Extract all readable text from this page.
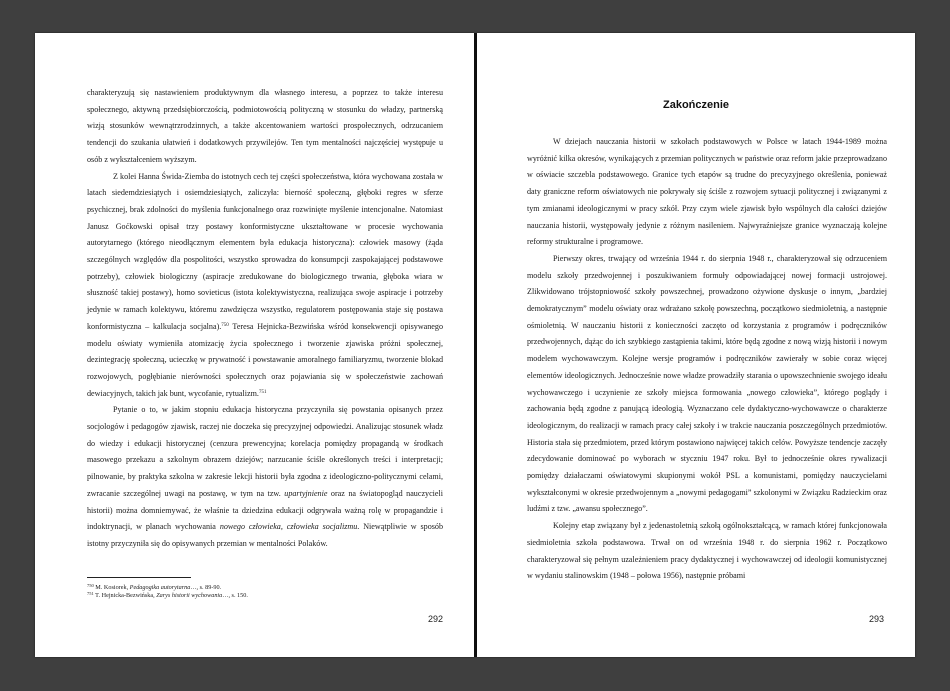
charakteryzują się nastawieniem produktywnym dla własnego interesu, a poprzez to także interesu społecznego, aktywną przedsiębiorczością, podmiotowością polityczną w stosunku do władzy, partnerską wizją stosunków wewnątrzrodzinnych, a także akcentowaniem wartości prospołecznych, odrzucaniem tendencji do szukania ułatwień i dodatkowych przywilejów. Ten tym mentalności najczęściej występuje u osób z wykształceniem wyższym.

Z kolei Hanna Świda-Ziemba do istotnych cech tej części społeczeństwa, która wychowana została w latach siedemdziesiątych i osiemdziesiątych, zaliczyła: bierność społeczną, głęboki regres w sferze psychicznej, brak zdolności do myślenia funkcjonalnego oraz rozwinięte myślenie intencjonalne. Natomiast Janusz Goćkowski opisał trzy postawy konformistyczne ukształtowane w procesie wychowania autorytarnego (którego nieodłącznym elementem była edukacja historyczna): człowiek masowy (żąda szczególnych względów dla pospolitości, wszystko sprowadza do konsumpcji zaspokajającej podstawowe potrzeby), człowiek biologiczny (aspiracje zredukowane do biologicznego trwania, głęboka wiara w słuszność takiej postawy), homo sovieticus (istota kolektywistyczna, realizująca swoje aspiracje i potrzeby jedynie w ramach kolektywu, któremu zawdzięcza wszystko, regulatorem postępowania staje się postawa konformistyczna – kalkulacja socjalna).$^{750}$ Teresa Hejnicka-Bezwińska wśród konsekwencji opisywanego modelu oświaty wymieniła atomizację życia społecznego i tworzenie zjawiska próżni społecznej, dezintegrację społeczną, ucieczkę w prywatność i powstawanie amoralnego familiaryzmu, tworzenie blokad rozwojowych, pogłębianie nierówności społecznych oraz pojawiania się w społeczeństwie zachowań dewiacyjnych, takich jak bunt, wycofanie, rytualizm.$^{751}$

Pytanie o to, w jakim stopniu edukacja historyczna przyczyniła się powstania opisanych przez socjologów i pedagogów zjawisk, raczej nie doczeka się precyzyjnej odpowiedzi. Analizując stosunek władz do wiedzy i edukacji historycznej (cenzura prewencyjna; korelacja pomiędzy propagandą w środkach masowego przekazu a szkolnym obrazem dziejów; narzucanie ściśle określonych treści i interpretacji; pilnowanie, by praktyka szkolna w zakresie lekcji historii była zgodna z ideologiczno-politycznymi celami, zwracanie szczególnej uwagi na postawę, w tym na tzw. upartyjnienie oraz na światopogląd nauczycieli historii) można domniemywać, że właśnie ta dziedzina edukacji odgrywała ważną rolę w propagandzie i indoktrynacji, w planach wychowania nowego człowieka, człowieka socjalizmu. Niewątpliwie w sposób istotny przyczyniła się do opisywanych przemian w mentalności Polaków.

$^{750}$ M. Kosiorek, Pedagogika autorytarna…, s. 89-90.
$^{751}$ T. Hejnicka-Bezwińska, Zarys historii wychowania…, s. 150.
292
Zakończenie

W dziejach nauczania historii w szkołach podstawowych w Polsce w latach 1944-1989 można wyróżnić kilka okresów, wynikających z przemian politycznych w państwie oraz reform jakie przeprowadzano w oświacie szczebla podstawowego. Granice tych etapów są trudne do precyzyjnego określenia, ponieważ daty graniczne reform oświatowych nie pokrywały się ściśle z rozwojem sytuacji politycznej i związanymi z tym zmianami ideologicznymi w pracy szkół. Przy czym wiele zjawisk było wspólnych dla całości dziejów nauczania historii, występowały jedynie z różnym nasileniem. Najwyraźniejsze granice wyznaczają kolejne reformy strukturalne i programowe.

Pierwszy okres, trwający od września 1944 r. do sierpnia 1948 r., charakteryzował się odrzuceniem modelu szkoły przedwojennej i poszukiwaniem formuły odpowiadającej nowej formacji ustrojowej. Zlikwidowano trójstopniowość szkoły powszechnej, prowadzono ożywione dyskusje o innym, „bardziej demokratycznym” modelu oświaty oraz wdrażano szkołę powszechną, początkowo siedmioletnią, a następnie ośmioletnią. W nauczaniu historii z konieczności zaczęto od korzystania z programów i podręczników przedwojennych, dążąc do ich szybkiego zastąpienia takimi, które będą zgodne z nową wizją historii i nowym modelem wychowawczym. Kolejne wersje programów i podręczników zawierały w sobie coraz więcej elementów ideologicznych. Jednocześnie nowe władze prowadziły starania o upowszechnienie swojego ideału wychowawczego i uczynienie ze szkoły miejsca formowania „nowego człowieka”, którego poglądy i zachowania będą zgodne z panującą ideologią. Wyznaczano cele dydaktyczno-wychowawcze o charakterze ideologicznym, do realizacji w ramach pracy całej szkoły i w trakcie nauczania poszczególnych przedmiotów. Historia stała się przedmiotem, przed którym postawiono najwięcej takich celów. Powyższe tendencje zaczęły zdecydowanie dominować po wyborach w styczniu 1947 roku. Był to jednocześnie okres rywalizacji pomiędzy działaczami oświatowymi skupionymi wokół PSL a komunistami, pomiędzy nauczycielami wykształconymi w okresie przedwojennym a „nowymi pedagogami” szkolonymi w Związku Radzieckim oraz ludźmi z tzw. „awansu społecznego”.

Kolejny etap związany był z jedenastoletnią szkołą ogólnokształcącą, w ramach której funkcjonowała siedmioletnia szkoła podstawowa. Trwał on od września 1948 r. do sierpnia 1962 r. Początkowo charakteryzował się pełnym uzależnieniem pracy dydaktycznej i wychowawczej od ideologii komunistycznej w wydaniu stalinowskim (1948 – połowa 1956), następnie próbami

293
